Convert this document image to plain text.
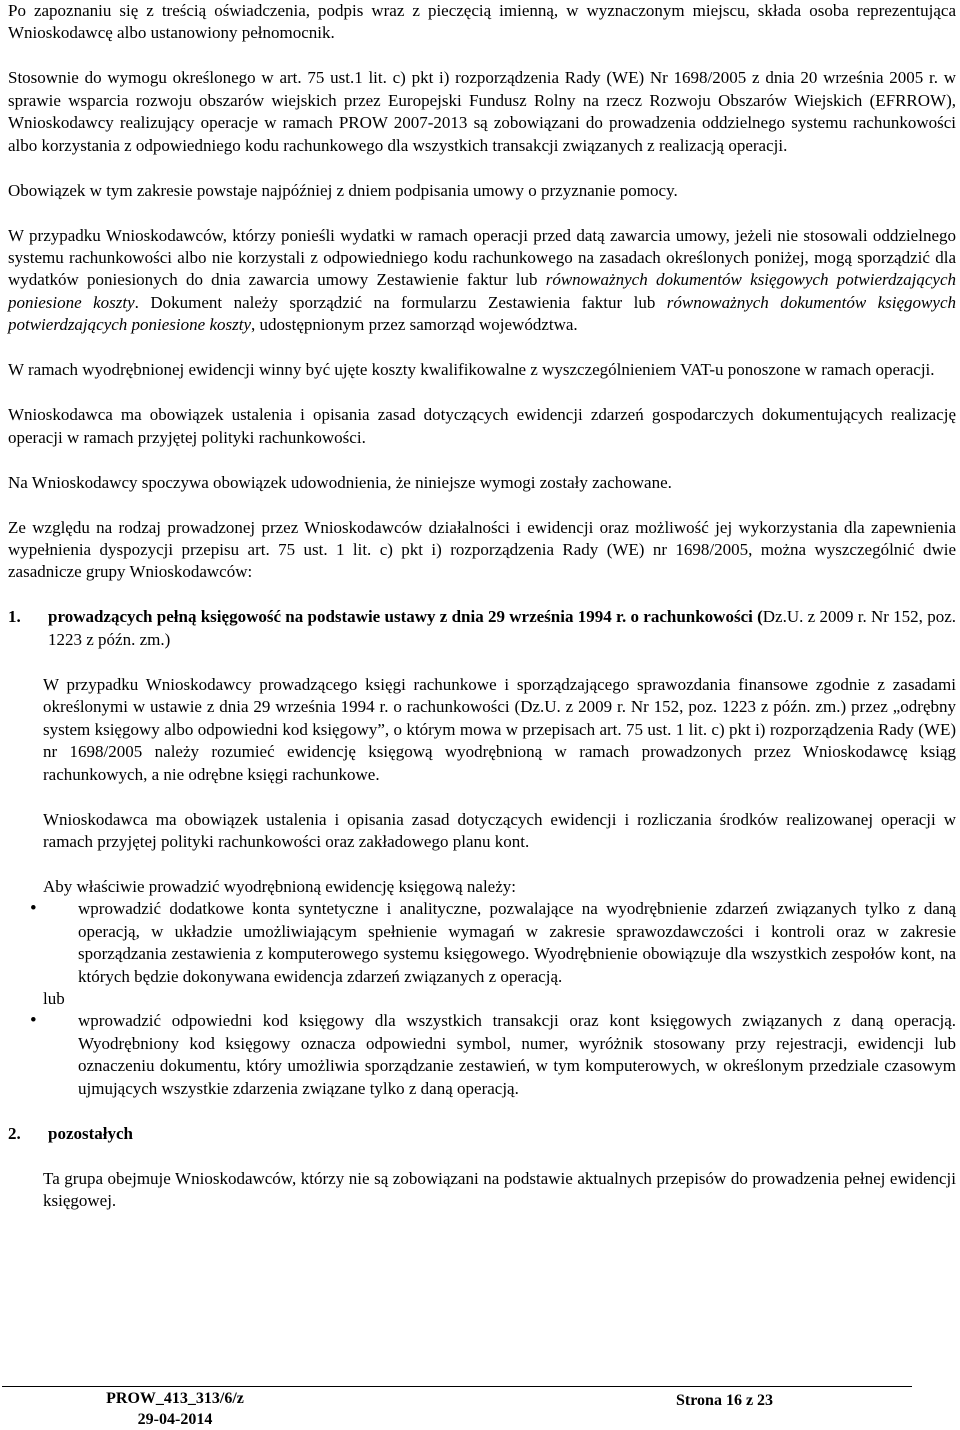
Po zapoznaniu się z treścią oświadczenia, podpis wraz z pieczęcią imienną, w wyznaczonym miejscu, składa osoba reprezentująca Wnioskodawcę albo ustanowiony pełnomocnik.

Stosownie do wymogu określonego w art. 75 ust.1 lit. c) pkt i) rozporządzenia Rady (WE) Nr 1698/2005 z dnia 20 września 2005 r. w sprawie wsparcia rozwoju obszarów wiejskich przez Europejski Fundusz Rolny na rzecz Rozwoju Obszarów Wiejskich (EFRROW), Wnioskodawcy realizujący operacje w ramach PROW 2007-2013 są zobowiązani do prowadzenia oddzielnego systemu rachunkowości albo korzystania z odpowiedniego kodu rachunkowego dla wszystkich transakcji związanych z realizacją operacji.

Obowiązek w tym zakresie powstaje najpóźniej z dniem podpisania umowy o przyznanie pomocy.

W przypadku Wnioskodawców, którzy ponieśli wydatki w ramach operacji przed datą zawarcia umowy, jeżeli nie stosowali oddzielnego systemu rachunkowości albo nie korzystali z odpowiedniego kodu rachunkowego na zasadach określonych poniżej, mogą sporządzić dla wydatków poniesionych do dnia zawarcia umowy Zestawienie faktur lub równoważnych dokumentów księgowych potwierdzających poniesione koszty. Dokument należy sporządzić na formularzu Zestawienia faktur lub równoważnych dokumentów księgowych potwierdzających poniesione koszty, udostępnionym przez samorząd województwa.

W ramach wyodrębnionej ewidencji winny być ujęte koszty kwalifikowalne z wyszczególnieniem VAT-u ponoszone w ramach operacji.

Wnioskodawca ma obowiązek ustalenia i opisania zasad dotyczących ewidencji zdarzeń gospodarczych dokumentujących realizację operacji w ramach przyjętej polityki rachunkowości.

Na Wnioskodawcy spoczywa obowiązek udowodnienia, że niniejsze wymogi zostały zachowane.

Ze względu na rodzaj prowadzonej przez Wnioskodawców działalności i ewidencji oraz możliwość jej wykorzystania dla zapewnienia wypełnienia dyspozycji przepisu art. 75 ust. 1 lit. c) pkt i) rozporządzenia Rady (WE) nr 1698/2005, można wyszczególnić dwie zasadnicze grupy Wnioskodawców:

1.	prowadzących pełną księgowość na podstawie ustawy z dnia 29 września 1994 r. o rachunkowości (Dz.U. z 2009 r. Nr 152, poz. 1223 z późn. zm.)

W przypadku Wnioskodawcy prowadzącego księgi rachunkowe i sporządzającego sprawozdania finansowe zgodnie z zasadami określonymi w ustawie z dnia 29 września 1994 r. o rachunkowości (Dz.U. z 2009 r. Nr 152, poz. 1223 z późn. zm.) przez „odrębny system księgowy albo odpowiedni kod księgowy”, o którym mowa w przepisach art. 75 ust. 1 lit. c) pkt i) rozporządzenia Rady (WE) nr 1698/2005 należy rozumieć ewidencję księgową wyodrębnioną w ramach prowadzonych przez Wnioskodawcę ksiąg rachunkowych, a nie odrębne księgi rachunkowe.

Wnioskodawca ma obowiązek ustalenia i opisania zasad dotyczących ewidencji i rozliczania środków realizowanej operacji w ramach przyjętej polityki rachunkowości oraz zakładowego planu kont.

Aby właściwie prowadzić wyodrębnioną ewidencję księgową należy:

•	wprowadzić dodatkowe konta syntetyczne i analityczne, pozwalające na wyodrębnienie zdarzeń związanych tylko z daną operacją, w układzie umożliwiającym spełnienie wymagań w zakresie sprawozdawczości i kontroli oraz w zakresie sporządzania zestawienia z komputerowego systemu księgowego. Wyodrębnienie obowiązuje dla wszystkich zespołów kont, na których będzie dokonywana ewidencja zdarzeń związanych z operacją.

lub

•	wprowadzić odpowiedni kod księgowy dla wszystkich transakcji oraz kont księgowych związanych z daną operacją. Wyodrębniony kod księgowy oznacza odpowiedni symbol, numer, wyróżnik stosowany przy rejestracji, ewidencji lub oznaczeniu dokumentu, który umożliwia sporządzanie zestawień, w tym komputerowych, w określonym przedziale czasowym ujmujących wszystkie zdarzenia związane tylko z daną operacją.
2.	pozostałych

Ta grupa obejmuje Wnioskodawców, którzy nie są zobowiązani na podstawie aktualnych przepisów do prowadzenia pełnej ewidencji księgowej.

PROW_413_313/6/z
29-04-2014
Strona 16 z 23
